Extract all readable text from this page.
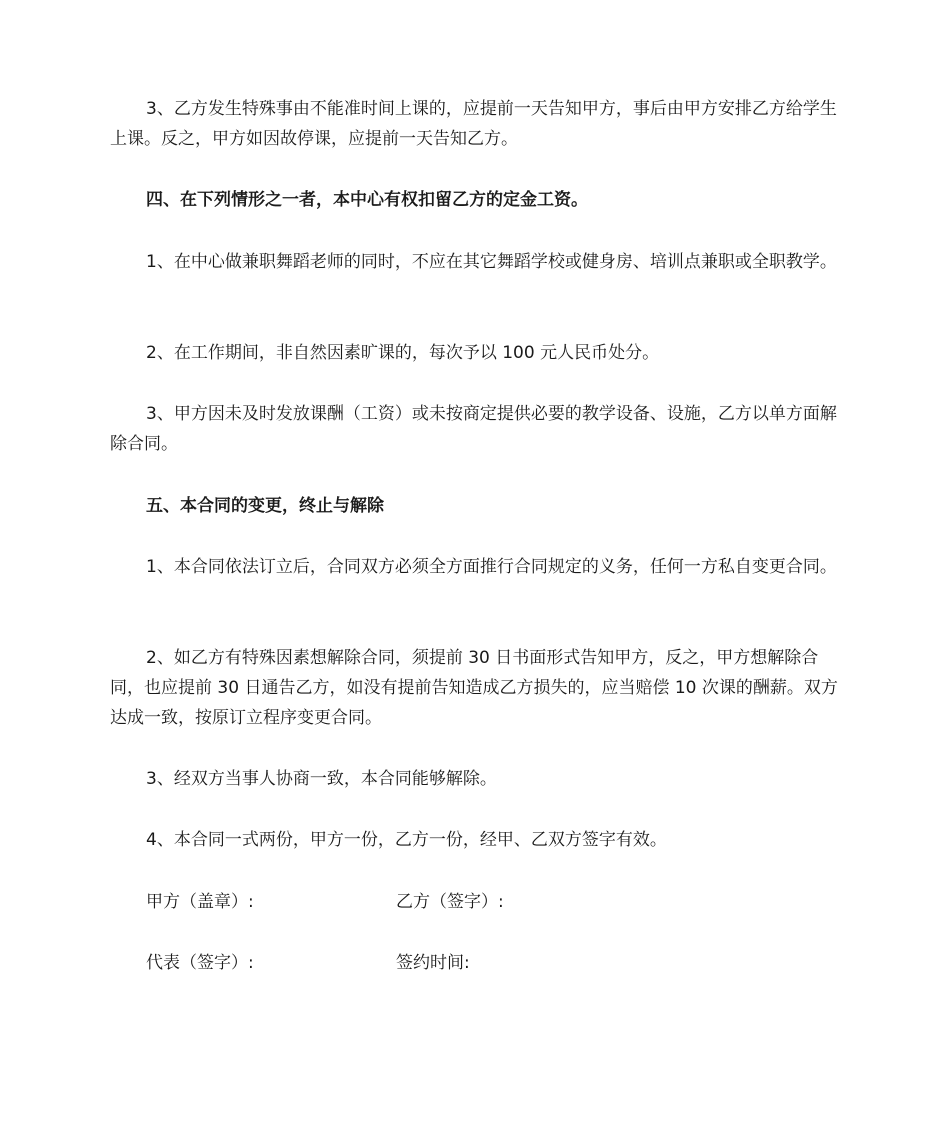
3、乙方发生特殊事由不能准时间上课的，应提前一天告知甲方，事后由甲方安排乙方给学生上课。反之，甲方如因故停课，应提前一天告知乙方。

四、在下列情形之一者，本中心有权扣留乙方的定金工资。

1、在中心做兼职舞蹈老师的同时，不应在其它舞蹈学校或健身房、培训点兼职或全职教学。

2、在工作期间，非自然因素旷课的，每次予以 100 元人民币处分。

3、甲方因未及时发放课酬（工资）或未按商定提供必要的教学设备、设施，乙方以单方面解除合同。

五、本合同的变更，终止与解除

1、本合同依法订立后，合同双方必须全方面推行合同规定的义务，任何一方私自变更合同。

2、如乙方有特殊因素想解除合同，须提前 30 日书面形式告知甲方，反之，甲方想解除合同，也应提前 30 日通告乙方，如没有提前告知造成乙方损失的，应当赔偿 10 次课的酬薪。双方达成一致，按原订立程序变更合同。

3、经双方当事人协商一致，本合同能够解除。

4、本合同一式两份，甲方一份，乙方一份，经甲、乙双方签字有效。

甲方（盖章）:	乙方（签字）:

代表（签字）:	签约时间:
